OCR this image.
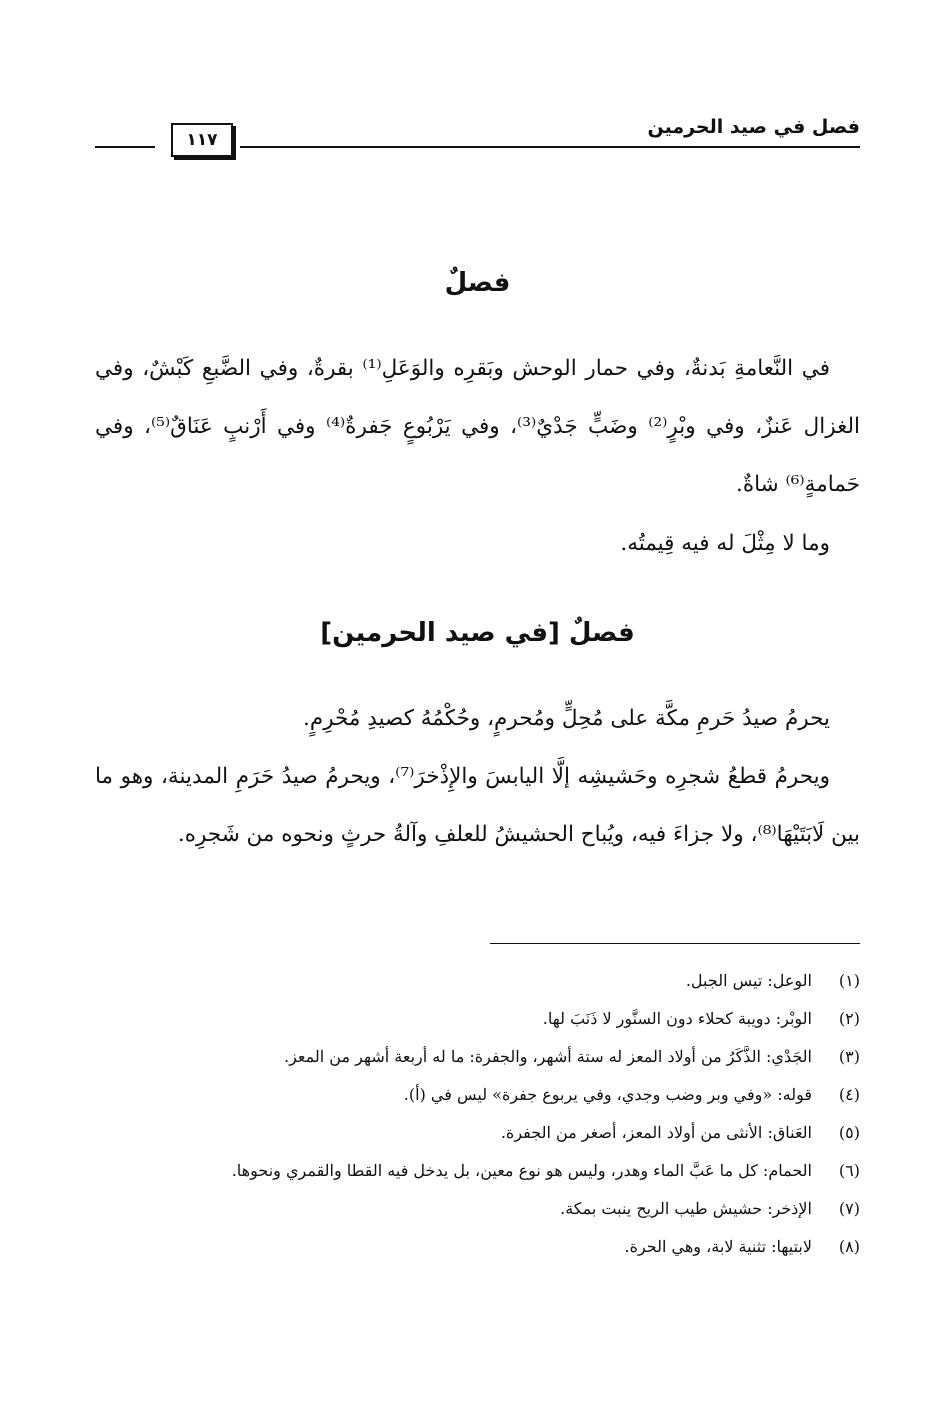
١١٧
فصل في صيد الحرمين
فصلٌ

في النَّعامةِ بَدنةٌ، وفي حمار الوحش وبَقرِه والوَعَلِ⁽¹⁾ بقرةٌ، وفي الضَّبعِ كَبْشٌ، وفي الغزال عَنزٌ، وفي وبْرٍ⁽²⁾ وضَبٍّ جَدْيٌ⁽³⁾، وفي يَرْبُوعٍ جَفرةٌ⁽⁴⁾ وفي أَرْنبٍ عَنَاقٌ⁽⁵⁾، وفي حَمامةٍ⁽⁶⁾ شاةٌ.

وما لا مِثْلَ له فيه قِيمتُه.

فصلٌ [في صيد الحرمين]

يحرمُ صيدُ حَرمِ مكَّة على مُحِلٍّ ومُحرمٍ، وحُكْمُهُ كصيدِ مُحْرِمٍ.

ويحرمُ قطعُ شجرِه وحَشيشِه إلَّا اليابسَ والإِذْخرَ⁽⁷⁾، ويحرمُ صيدُ حَرَمِ المدينة، وهو ما بين لَابَتَيْهَا⁽⁸⁾، ولا جزاءَ فيه، ويُباح الحشيشُ للعلفِ وآلةُ حرثٍ ونحوه من شَجرِه.

(١)
الوعل: تيس الجبل.
(٢)
الوبْر: دويبة كحلاء دون السنَّور لا ذَنَبَ لها.
(٣)
الجَدْي: الذَّكَرُ من أولاد المعز له ستة أشهر، والجفرة: ما له أربعة أشهر من المعز.
(٤)
قوله: «وفي وبر وضب وجدي، وفي يربوع جفرة» ليس في (أ).
(٥)
العَناق: الأنثى من أولاد المعز، أصغر من الجفرة.
(٦)
الحمام: كل ما عَبَّ الماء وهدر، وليس هو نوع معين، بل يدخل فيه القطا والقمري ونحوها.
(٧)
الإذخر: حشيش طيب الريح ينبت بمكة.
(٨)
لابتيها: تثنية لابة، وهي الحرة.
